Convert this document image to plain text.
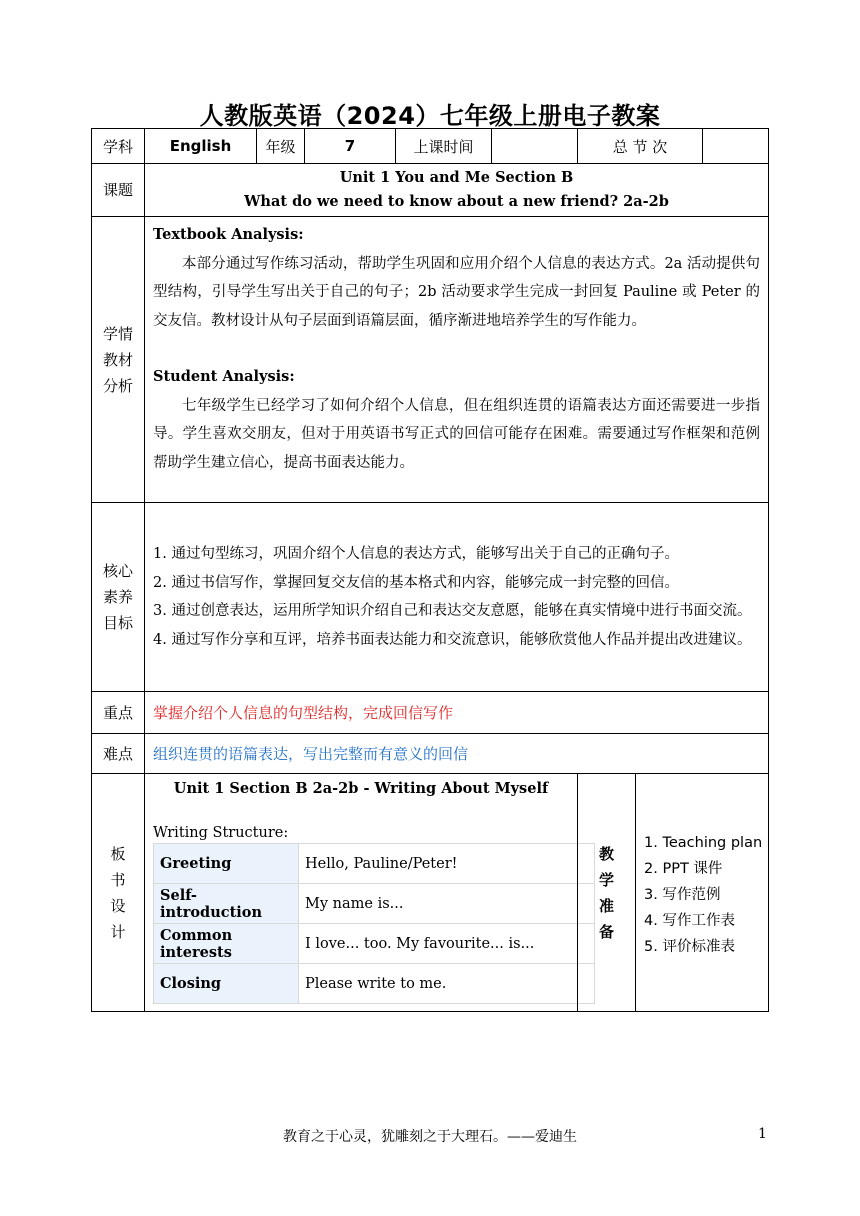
人教版英语（2024）七年级上册电子教案
学科	English	年级	7	上课时间		总 节 次	
课题	
Unit 1 You and Me Section B
What do we need to know about a new friend? 2a-2b

学情
教材
分析

Textbook Analysis:
本部分通过写作练习活动，帮助学生巩固和应用介绍个人信息的表达方式。2a 活动提供句型结构，引导学生写出关于自己的句子；2b 活动要求学生完成一封回复 Pauline 或 Peter 的交友信。教材设计从句子层面到语篇层面，循序渐进地培养学生的写作能力。
Student Analysis:
七年级学生已经学习了如何介绍个人信息，但在组织连贯的语篇表达方面还需要进一步指导。学生喜欢交朋友，但对于用英语书写正式的回信可能存在困难。需要通过写作框架和范例帮助学生建立信心，提高书面表达能力。

核心
素养
目标

1. 通过句型练习，巩固介绍个人信息的表达方式，能够写出关于自己的正确句子。
2. 通过书信写作，掌握回复交友信的基本格式和内容，能够完成一封完整的回信。
3. 通过创意表达，运用所学知识介绍自己和表达交友意愿，能够在真实情境中进行书面交流。
4. 通过写作分享和互评，培养书面表达能力和交流意识，能够欣赏他人作品并提出改进建议。

重点	掌握介绍个人信息的句型结构，完成回信写作
难点	组织连贯的语篇表达，写出完整而有意义的回信

板
书
设
计

Unit 1 Section B 2a-2b - Writing About Myself
Writing Structure:
Greeting	Hello, Pauline/Peter!
Self-introduction	My name is...
Common interests	I love... too. My favourite... is...
Closing	Please write to me.

教
学
准
备

1. Teaching plan
2. PPT 课件
3. 写作范例
4. 写作工作表
5. 评价标准表
教育之于心灵，犹雕刻之于大理石。——爱迪生	1
